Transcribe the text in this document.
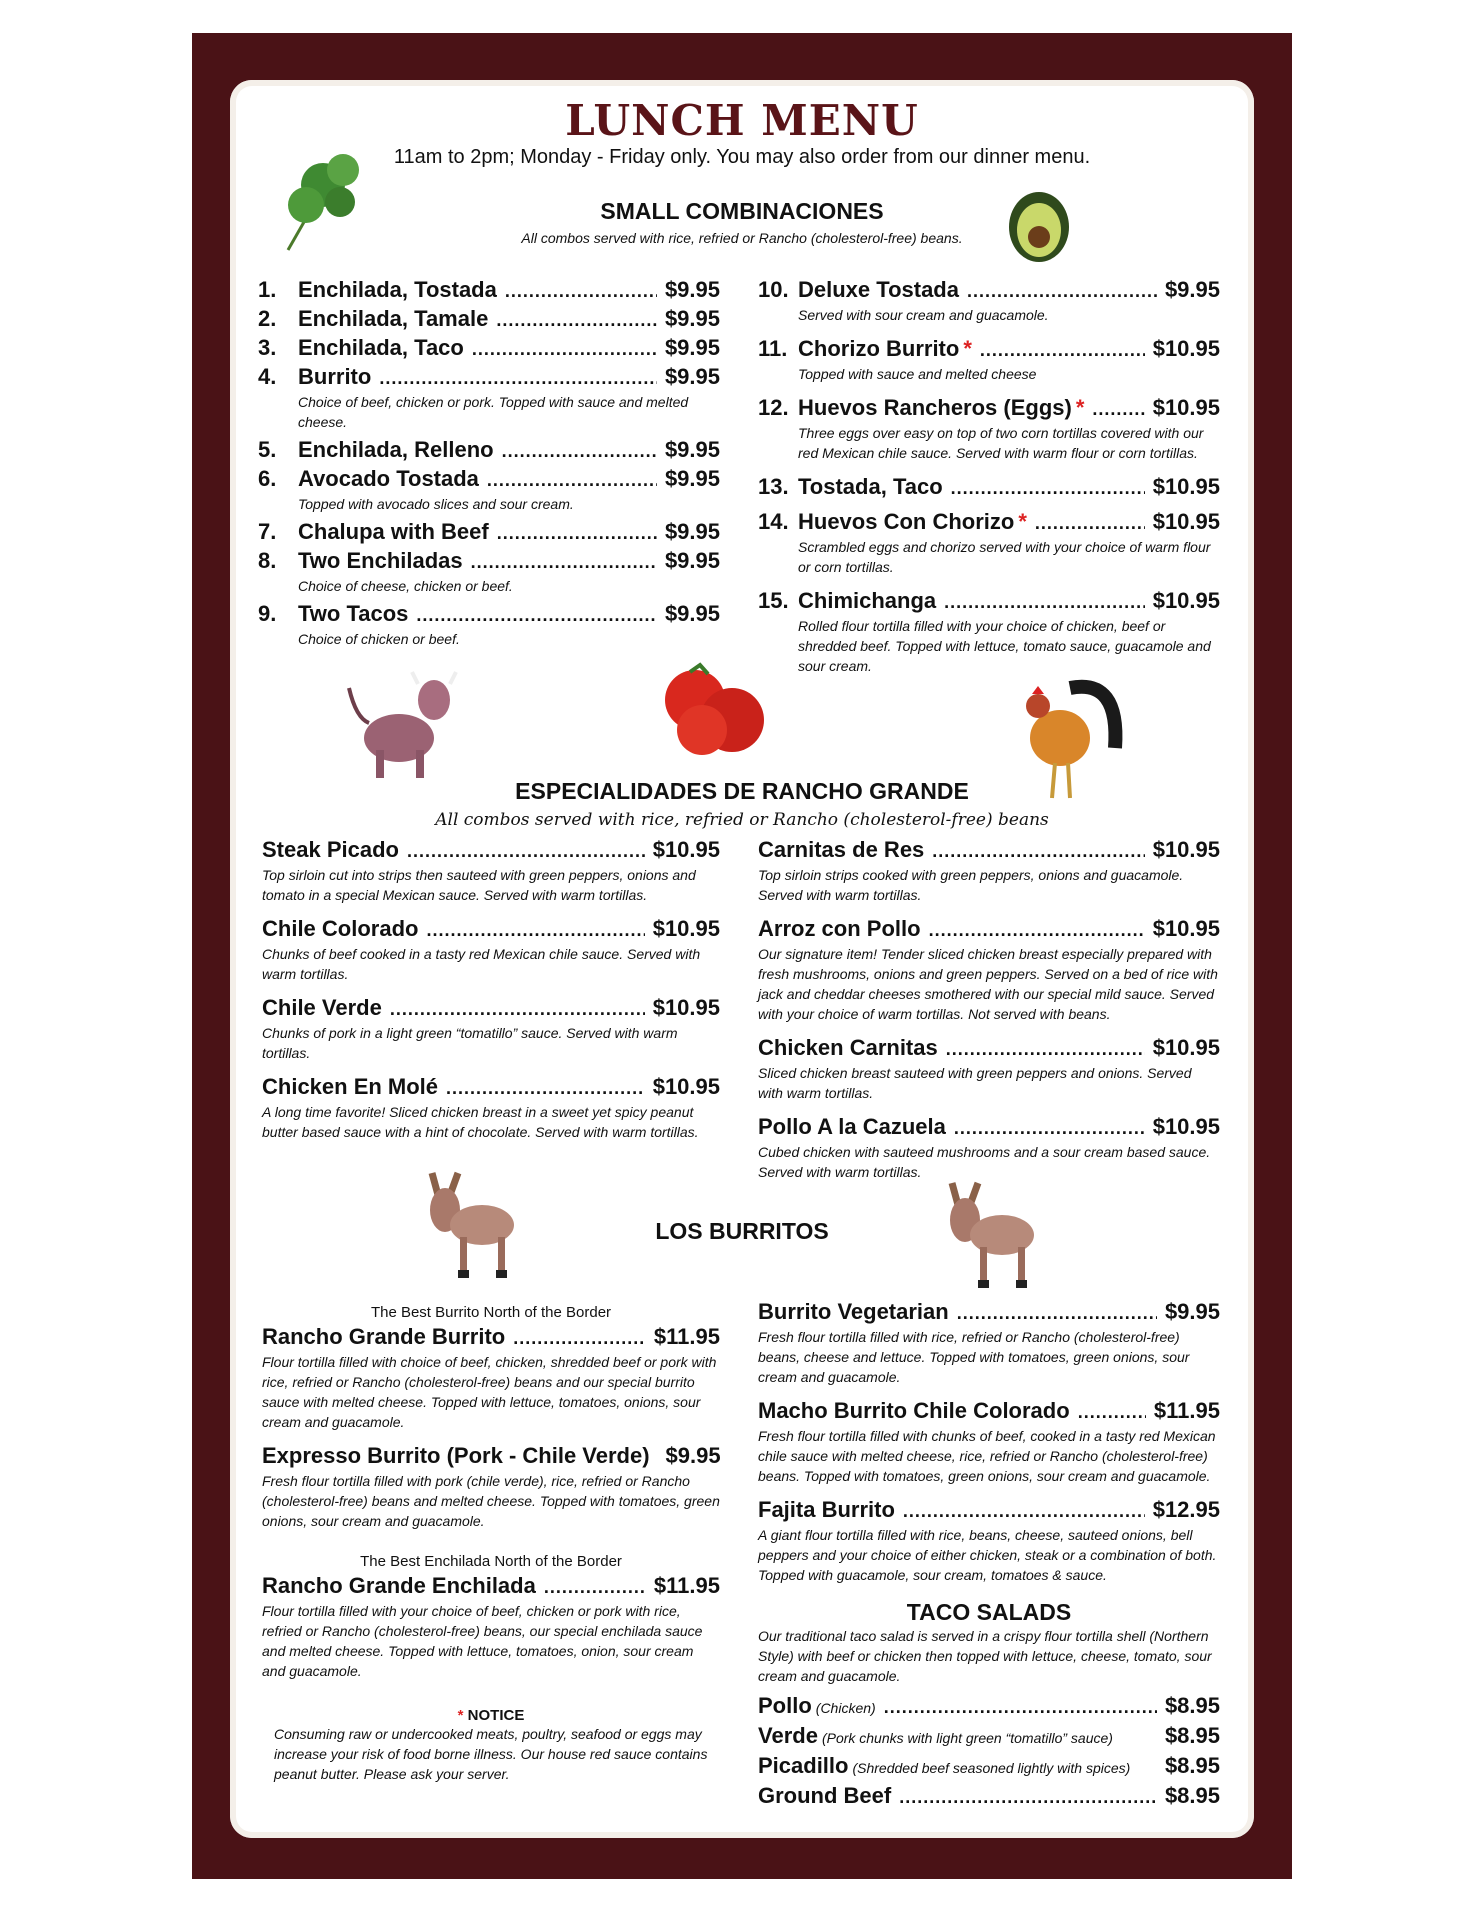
LUNCH MENU
11am to 2pm; Monday - Friday only. You may also order from our dinner menu.
SMALL COMBINACIONES
All combos served with rice, refried or Rancho (cholesterol-free) beans.
1. Enchilada, Tostada .....	$9.95
2. Enchilada, Tamale .....	$9.95
3. Enchilada, Taco .....	$9.95
4. Burrito .....	$9.95
Choice of beef, chicken or pork. Topped with sauce and melted cheese.
5. Enchilada, Relleno .....	$9.95
6. Avocado Tostada .....	$9.95
Topped with avocado slices and sour cream.
7. Chalupa with Beef .....	$9.95
8. Two Enchiladas .....	$9.95
Choice of cheese, chicken or beef.
9. Two Tacos .....	$9.95
Choice of chicken or beef.
10. Deluxe Tostada .....	$9.95
Served with sour cream and guacamole.
11. Chorizo Burrito * .....	$10.95
Topped with sauce and melted cheese
12. Huevos Rancheros (Eggs) * .....	$10.95
Three eggs over easy on top of two corn tortillas covered with our red Mexican chile sauce. Served with warm flour or corn tortillas.
13. Tostada, Taco .....	$10.95
14. Huevos Con Chorizo * .....	$10.95
Scrambled eggs and chorizo served with your choice of warm flour or corn tortillas.
15. Chimichanga .....	$10.95
Rolled flour tortilla filled with your choice of chicken, beef or shredded beef. Topped with lettuce, tomato sauce, guacamole and sour cream.
ESPECIALIDADES DE RANCHO GRANDE
All combos served with rice, refried or Rancho (cholesterol-free) beans
Steak Picado .....	$10.95
Top sirloin cut into strips then sauteed with green peppers, onions and tomato in a special Mexican sauce. Served with warm tortillas.
Chile Colorado .....	$10.95
Chunks of beef cooked in a tasty red Mexican chile sauce. Served with warm tortillas.
Chile Verde .....	$10.95
Chunks of pork in a light green “tomatillo” sauce. Served with warm tortillas.
Chicken En Molé .....	$10.95
A long time favorite! Sliced chicken breast in a sweet yet spicy peanut butter based sauce with a hint of chocolate. Served with warm tortillas.
Carnitas de Res .....	$10.95
Top sirloin strips cooked with green peppers, onions and guacamole. Served with warm tortillas.
Arroz con Pollo .....	$10.95
Our signature item! Tender sliced chicken breast especially prepared with fresh mushrooms, onions and green peppers. Served on a bed of rice with jack and cheddar cheeses smothered with our special mild sauce. Served with your choice of warm tortillas. Not served with beans.
Chicken Carnitas .....	$10.95
Sliced chicken breast sauteed with green peppers and onions. Served with warm tortillas.
Pollo A la Cazuela .....	$10.95
Cubed chicken with sauteed mushrooms and a sour cream based sauce. Served with warm tortillas.
LOS BURRITOS
The Best Burrito North of the Border
Rancho Grande Burrito .....	$11.95
Flour tortilla filled with choice of beef, chicken, shredded beef or pork with rice, refried or Rancho (cholesterol-free) beans and our special burrito sauce with melted cheese. Topped with lettuce, tomatoes, onions, sour cream and guacamole.
Expresso Burrito (Pork - Chile Verde) $9.95
Fresh flour tortilla filled with pork (chile verde), rice, refried or Rancho (cholesterol-free) beans and melted cheese. Topped with tomatoes, green onions, sour cream and guacamole.
The Best Enchilada North of the Border
Rancho Grande Enchilada .....	$11.95
Flour tortilla filled with your choice of beef, chicken or pork with rice, refried or Rancho (cholesterol-free) beans, our special enchilada sauce and melted cheese. Topped with lettuce, tomatoes, onion, sour cream and guacamole.
* NOTICE
Consuming raw or undercooked meats, poultry, seafood or eggs may increase your risk of food borne illness. Our house red sauce contains peanut butter. Please ask your server.
Burrito Vegetarian .....	$9.95
Fresh flour tortilla filled with rice, refried or Rancho (cholesterol-free) beans, cheese and lettuce. Topped with tomatoes, green onions, sour cream and guacamole.
Macho Burrito Chile Colorado .....	$11.95
Fresh flour tortilla filled with chunks of beef, cooked in a tasty red Mexican chile sauce with melted cheese, rice, refried or Rancho (cholesterol-free) beans. Topped with tomatoes, green onions, sour cream and guacamole.
Fajita Burrito .....	$12.95
A giant flour tortilla filled with rice, beans, cheese, sauteed onions, bell peppers and your choice of either chicken, steak or a combination of both. Topped with guacamole, sour cream, tomatoes & sauce.
TACO SALADS
Our traditional taco salad is served in a crispy flour tortilla shell (Northern Style) with beef or chicken then topped with lettuce, cheese, tomato, sour cream and guacamole.
Pollo (Chicken) .....	$8.95
Verde (Pork chunks with light green “tomatillo” sauce) $8.95
Picadillo (Shredded beef seasoned lightly with spices) $8.95
Ground Beef .....	$8.95
